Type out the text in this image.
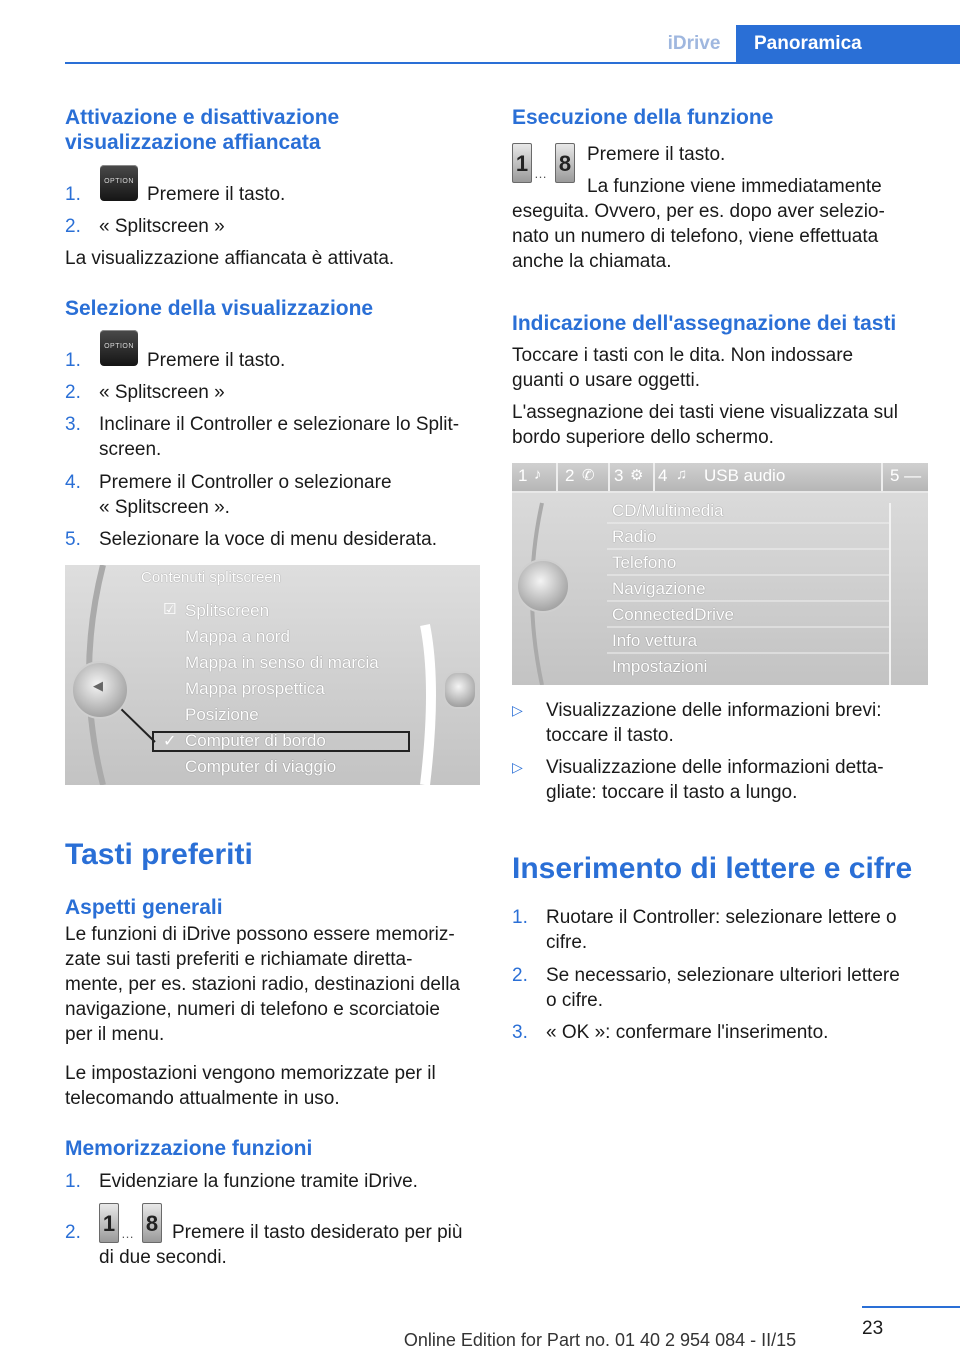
iDrive	Panoramica
Attivazione e disattivazione
visualizzazione affiancata
1.
OPTION
Premere il tasto.
2. « Splitscreen »
La visualizzazione affiancata è attivata.
Selezione della visualizzazione
1.
OPTION
Premere il tasto.
2. « Splitscreen »
3. Inclinare il Controller e selezionare lo Split-
screen.
4. Premere il Controller o selezionare
« Splitscreen ».
5. Selezionare la voce di menu desiderata.
◀
Contenuti splitscreen
☑ Splitscreen
Mappa a nord
Mappa in senso di marcia
Mappa prospettica
Posizione
✓ Computer di bordo
Computer di viaggio
Tasti preferiti
Aspetti generali
Le funzioni di iDrive possono essere memoriz-
zate sui tasti preferiti e richiamate diretta-
mente, per es. stazioni radio, destinazioni della
navigazione, numeri di telefono e scorciatoie
per il menu.
Le impostazioni vengono memorizzate per il
telecomando attualmente in uso.
Memorizzazione funzioni
1. Evidenziare la funzione tramite iDrive.
2. 1 … 8 Premere il tasto desiderato per più
di due secondi.
Esecuzione della funzione
1 … 8 Premere il tasto.
La funzione viene immediatamente
eseguita. Ovvero, per es. dopo aver selezio-
nato un numero di telefono, viene effettuata
anche la chiamata.
Indicazione dell'assegnazione dei tasti
Toccare i tasti con le dita. Non indossare
guanti o usare oggetti.
L'assegnazione dei tasti viene visualizzata sul
bordo superiore dello schermo.
1 ♪ 2 ✆ 3 ⚙ 4 ♫ USB audio	5 —
CD/Multimedia
Radio
Telefono
Navigazione
ConnectedDrive
Info vettura
Impostazioni
▷ Visualizzazione delle informazioni brevi:
toccare il tasto.
▷ Visualizzazione delle informazioni detta-
gliate: toccare il tasto a lungo.
Inserimento di lettere e cifre
1. Ruotare il Controller: selezionare lettere o
cifre.
2. Se necessario, selezionare ulteriori lettere
o cifre.
3. « OK »: confermare l'inserimento.
23
Online Edition for Part no. 01 40 2 954 084 - II/15
